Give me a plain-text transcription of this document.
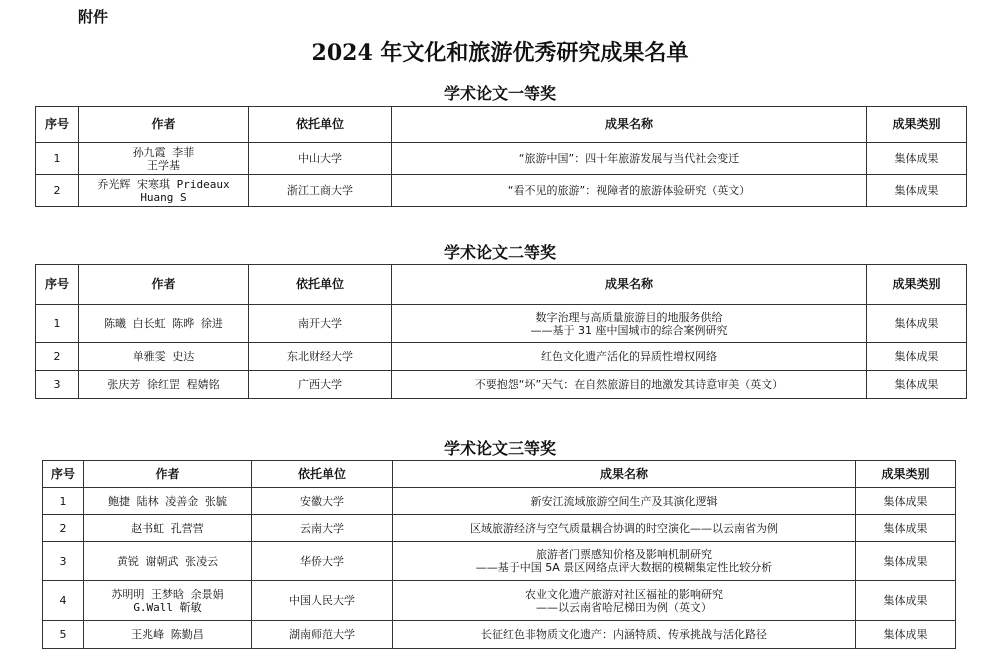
附件
2024 年文化和旅游优秀研究成果名单
学术论文一等奖
序号	作者	依托单位	成果名称	成果类别
1	孙九霞 李菲
王学基	中山大学	“旅游中国”：四十年旅游发展与当代社会变迁	集体成果
2	乔光辉 宋寒琪 Prideaux
Huang S	浙江工商大学	“看不见的旅游”：视障者的旅游体验研究（英文）	集体成果
学术论文二等奖
序号	作者	依托单位	成果名称	成果类别
1	陈曦 白长虹 陈晔 徐进	南开大学	数字治理与高质量旅游目的地服务供给
——基于 31 座中国城市的综合案例研究	集体成果
2	单雅雯 史达	东北财经大学	红色文化遗产活化的异质性增权网络	集体成果
3	张庆芳 徐红罡 程婧铭	广西大学	不要抱怨“坏”天气：在自然旅游目的地激发其诗意审美（英文）	集体成果
学术论文三等奖
序号	作者	依托单位	成果名称	成果类别
1	鲍捷 陆林 凌善金 张毓	安徽大学	新安江流域旅游空间生产及其演化逻辑	集体成果
2	赵书虹 孔营营	云南大学	区域旅游经济与空气质量耦合协调的时空演化——以云南省为例	集体成果
3	黄锐 谢朝武 张凌云	华侨大学	旅游者门票感知价格及影响机制研究
——基于中国 5A 景区网络点评大数据的模糊集定性比较分析	集体成果
4	苏明明 王梦晗 余景娟
G.Wall 靳敏	中国人民大学	农业文化遗产旅游对社区福祉的影响研究
——以云南省哈尼梯田为例（英文）	集体成果
5	王兆峰 陈勤昌	湖南师范大学	长征红色非物质文化遗产：内涵特质、传承挑战与活化路径	集体成果
